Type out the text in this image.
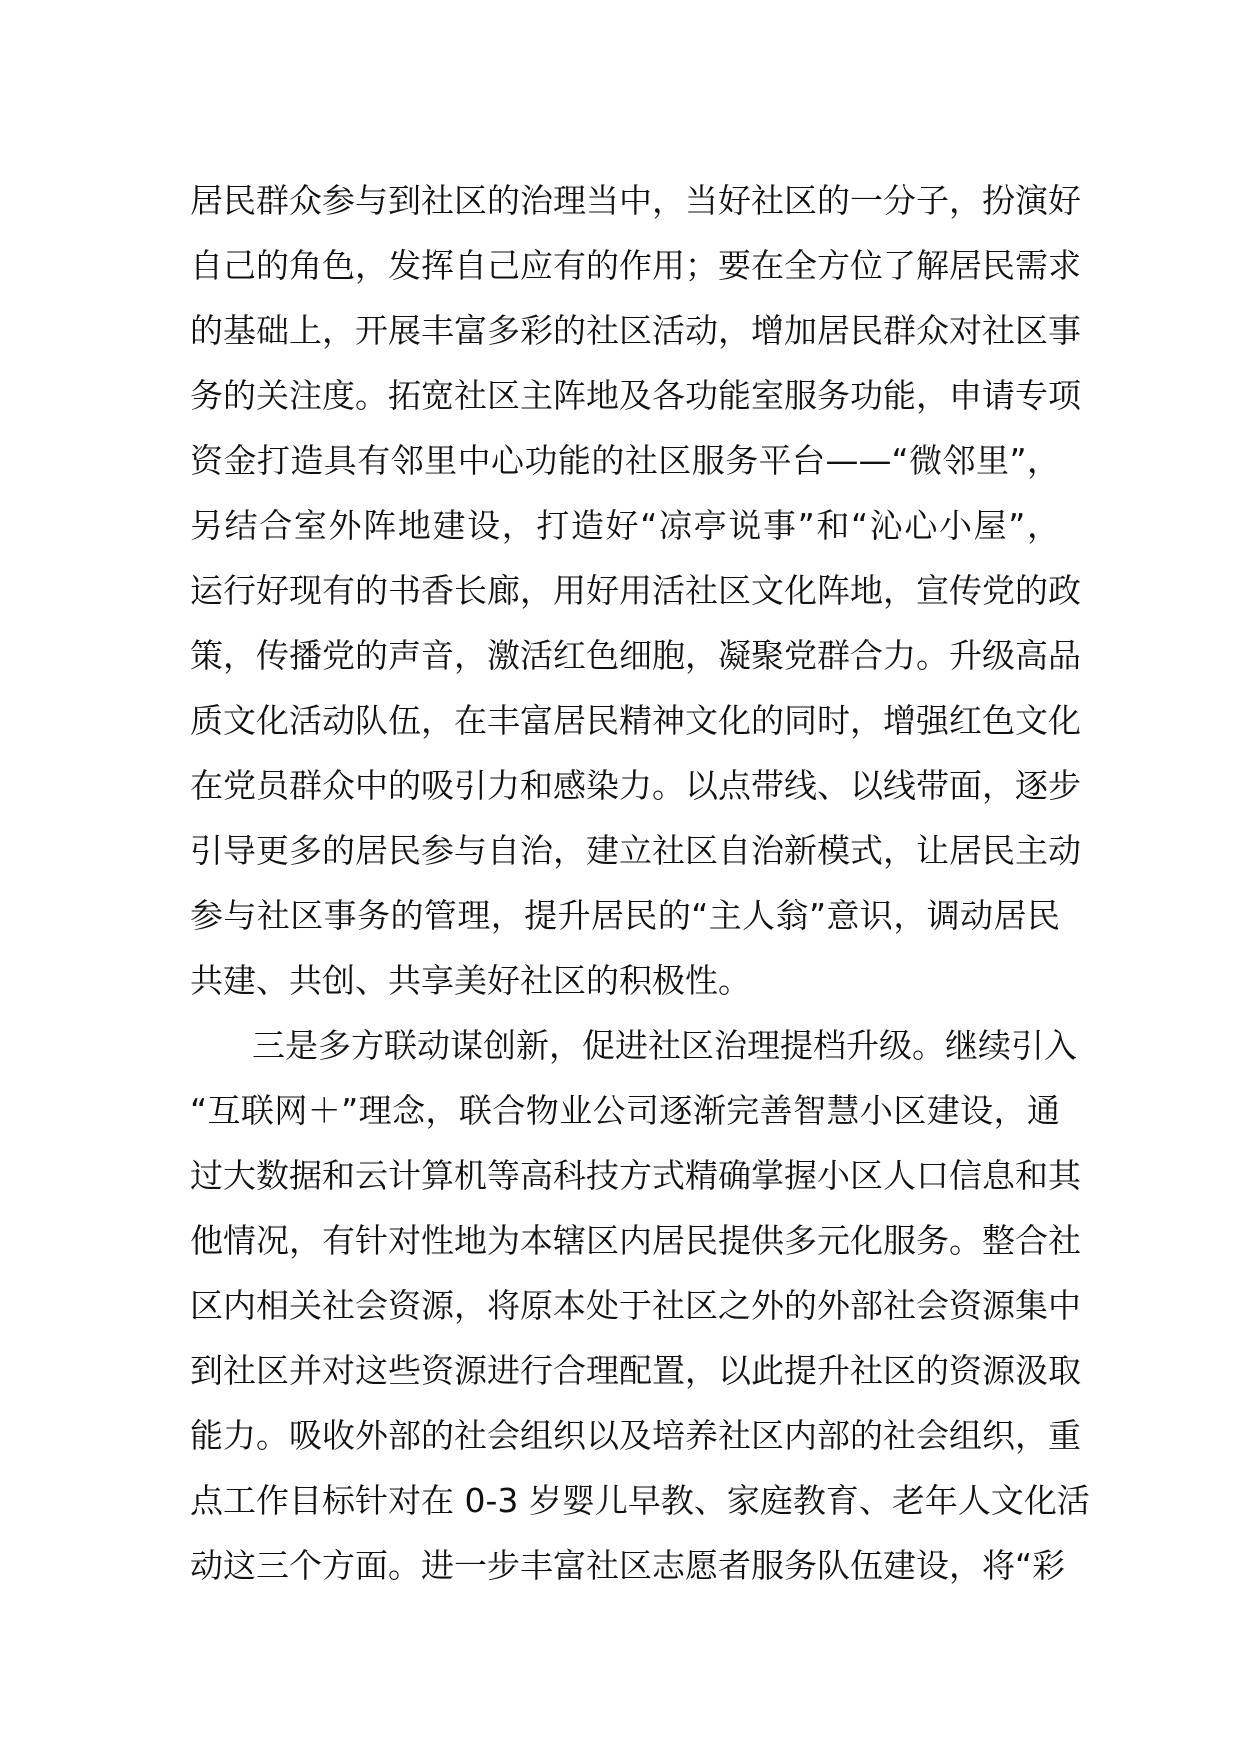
居民群众参与到社区的治理当中，当好社区的一分子，扮演好
自己的角色，发挥自己应有的作用；要在全方位了解居民需求
的基础上，开展丰富多彩的社区活动，增加居民群众对社区事
务的关注度。拓宽社区主阵地及各功能室服务功能，申请专项
资金打造具有邻里中心功能的社区服务平台——“微邻里”，
另结合室外阵地建设，打造好“凉亭说事”和“沁心小屋”，
运行好现有的书香长廊，用好用活社区文化阵地，宣传党的政
策，传播党的声音，激活红色细胞，凝聚党群合力。升级高品
质文化活动队伍，在丰富居民精神文化的同时，增强红色文化
在党员群众中的吸引力和感染力。以点带线、以线带面，逐步
引导更多的居民参与自治，建立社区自治新模式，让居民主动
参与社区事务的管理，提升居民的“主人翁”意识，调动居民
共建、共创、共享美好社区的积极性。
三是多方联动谋创新，促进社区治理提档升级。继续引入
“互联网＋”理念，联合物业公司逐渐完善智慧小区建设，通
过大数据和云计算机等高科技方式精确掌握小区人口信息和其
他情况，有针对性地为本辖区内居民提供多元化服务。整合社
区内相关社会资源，将原本处于社区之外的外部社会资源集中
到社区并对这些资源进行合理配置，以此提升社区的资源汲取
能力。吸收外部的社会组织以及培养社区内部的社会组织，重
点工作目标针对在 0-3 岁婴儿早教、家庭教育、老年人文化活
动这三个方面。进一步丰富社区志愿者服务队伍建设，将“彩
